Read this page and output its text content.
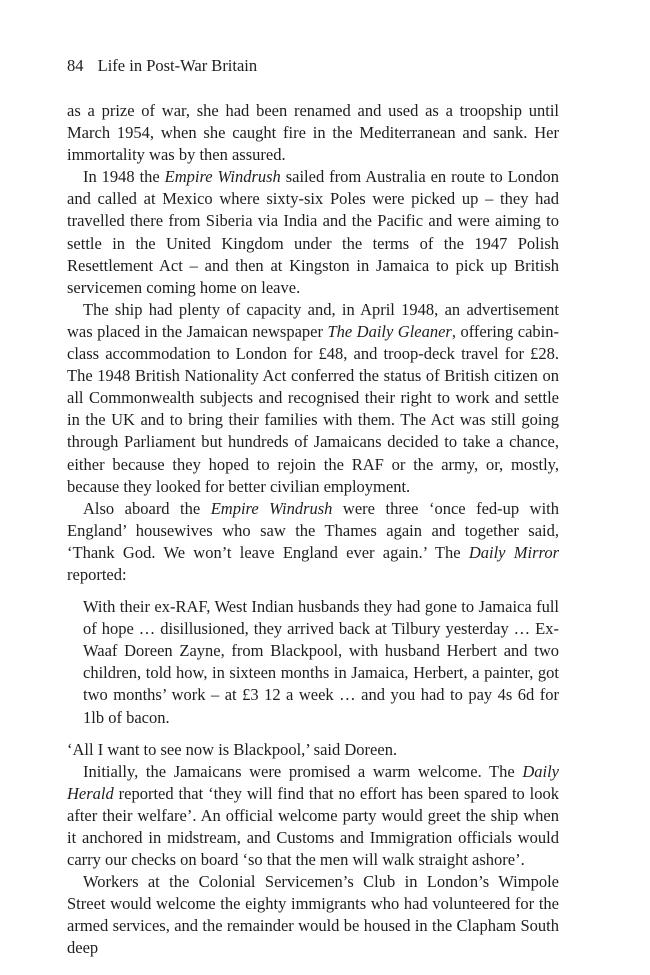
84 Life in Post-War Britain

as a prize of war, she had been renamed and used as a troopship until March 1954, when she caught fire in the Mediterranean and sank. Her immortality was by then assured.

In 1948 the Empire Windrush sailed from Australia en route to London and called at Mexico where sixty-six Poles were picked up – they had travelled there from Siberia via India and the Pacific and were aiming to settle in the United Kingdom under the terms of the 1947 Polish Resettlement Act – and then at Kingston in Jamaica to pick up British servicemen coming home on leave.

The ship had plenty of capacity and, in April 1948, an advertisement was placed in the Jamaican newspaper The Daily Gleaner, offering cabin-class accommodation to London for £48, and troop-deck travel for £28. The 1948 British Nationality Act conferred the status of British citizen on all Commonwealth subjects and recognised their right to work and settle in the UK and to bring their families with them. The Act was still going through Parliament but hundreds of Jamaicans decided to take a chance, either because they hoped to rejoin the RAF or the army, or, mostly, because they looked for better civilian employment.

Also aboard the Empire Windrush were three ‘once fed-up with England’ housewives who saw the Thames again and together said, ‘Thank God. We won’t leave England ever again.’ The Daily Mirror reported:

With their ex-RAF, West Indian husbands they had gone to Jamaica full of hope … disillusioned, they arrived back at Tilbury yesterday … Ex-Waaf Doreen Zayne, from Blackpool, with husband Herbert and two children, told how, in sixteen months in Jamaica, Herbert, a painter, got two months’ work – at £3 12 a week … and you had to pay 4s 6d for 1lb of bacon.

‘All I want to see now is Blackpool,’ said Doreen.

Initially, the Jamaicans were promised a warm welcome. The Daily Herald reported that ‘they will find that no effort has been spared to look after their welfare’. An official welcome party would greet the ship when it anchored in midstream, and Customs and Immigration officials would carry our checks on board ‘so that the men will walk straight ashore’.

Workers at the Colonial Servicemen’s Club in London’s Wimpole Street would welcome the eighty immigrants who had volunteered for the armed services, and the remainder would be housed in the Clapham South deep
